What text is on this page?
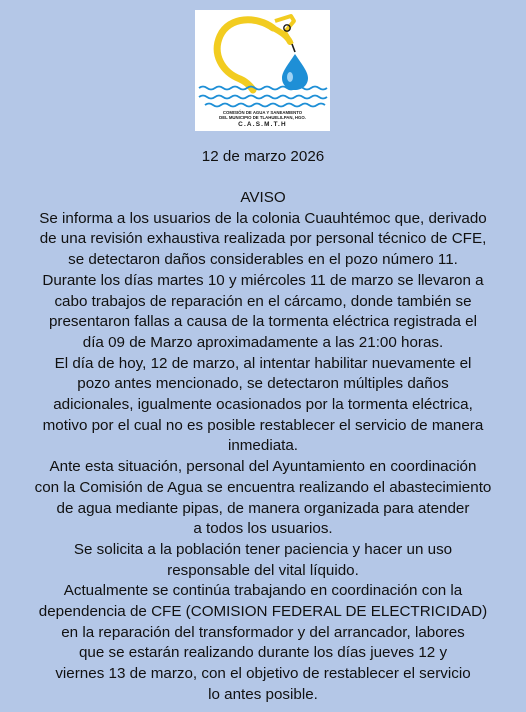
COMISIÓN DE AGUA Y SANEAMIENTO
DEL MUNICIPIO DE TLAHUELILPAN, HGO.
C.A.S.M.T.H
12 de marzo 2026
AVISO
Se informa a los usuarios de la colonia Cuauhtémoc que, derivado
de una revisión exhaustiva realizada por personal técnico de CFE,
se detectaron daños considerables en el pozo número 11.
Durante los días martes 10 y miércoles 11 de marzo se llevaron a
cabo trabajos de reparación en el cárcamo, donde también se
presentaron fallas a causa de la tormenta eléctrica registrada el
día 09 de Marzo aproximadamente a las 21:00 horas.
El día de hoy, 12 de marzo, al intentar habilitar nuevamente el
pozo antes mencionado, se detectaron múltiples daños
adicionales, igualmente ocasionados por la tormenta eléctrica,
motivo por el cual no es posible restablecer el servicio de manera
inmediata.
Ante esta situación, personal del Ayuntamiento en coordinación
con la Comisión de Agua se encuentra realizando el abastecimiento
de agua mediante pipas, de manera organizada para atender
a todos los usuarios.
Se solicita a la población tener paciencia y hacer un uso
responsable del vital líquido.
Actualmente se continúa trabajando en coordinación con la
dependencia de CFE (COMISION FEDERAL DE ELECTRICIDAD)
en la reparación del transformador y del arrancador, labores
que se estarán realizando durante los días jueves 12 y
viernes 13 de marzo, con el objetivo de restablecer el servicio
lo antes posible.
